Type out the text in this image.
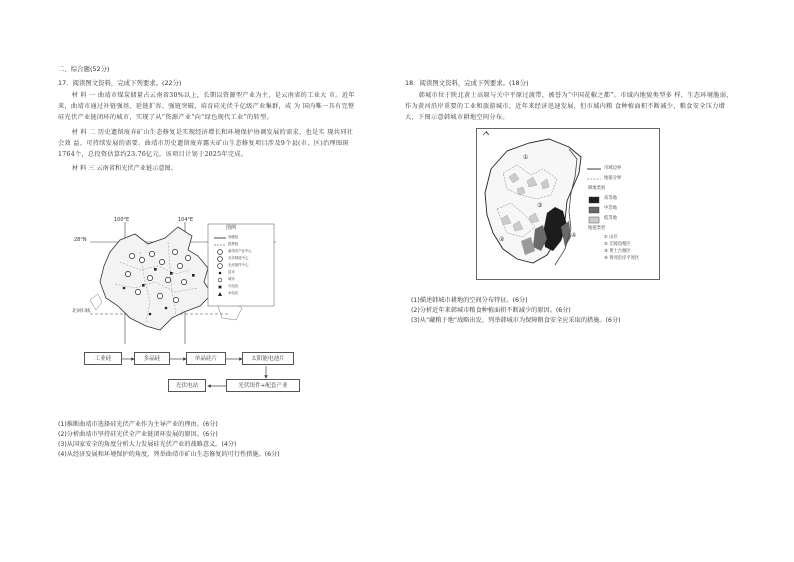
二、综合题(52分)
17．阅读图文资料，完成下列要求。(22分)

材 料 一 曲靖市煤炭储量占云南省30%以上，长期以资源型产业为主，是云南省的工业大 市。近年来，曲靖市通过补链强基、延链扩容、强链突破，培育硅光伏千亿级产业集群，成 为 国内唯一具有完整硅光伏产业链闭环的城市，实现了从“资源产业”向“绿色现代工业”的转型。

材 料 二 历史遗留废弃矿山生态修复是实现经济增长和环境保护协调发展的需求，也是实 现共同社会效 益、可持续发展的需要。曲靖市历史遗留废弃露天矿山生态修复项目涉及9个县(市、区)治理图斑1764个，总投资估算约23.76亿元。该项目计划于2025年完成。

材 料 三 云南省和光伏产业链示意图。
100°E	104°E
28°N
北回归线
图例
省级线
国界线
曲靖市产业中心
光伏制造中心
光伏组件中心
县市
城市
火电站
水电站
工业硅	多晶硅	单晶硅片	太阳能电池片
光伏组件+配套产业
光伏电站
(1)推断曲靖市选择硅光伏产业作为主导产业的理由。(6分)
(2)分析曲靖市坚持硅光伏全产业链闭环发展的原因。(6分)
(3)从国家安全的角度分析大力发展硅光伏产业的战略意义。(4分)
(4)从经济发展和环境保护的角度，列举曲靖市矿山生态修复的可行性措施。(6分)
18．阅读图文资料，完成下列要求。(18分)

韩城市位于陕北黄土高原与关中平原过渡带，被誉为“中国花椒之都”。市域内地貌类型多 样，生态环境脆弱，作为黄河沿岸重要的工业和旅游城市，近年来经济迅速发展，但市域内粮 食种植面积不断减少，粮食安全压力增大，下图示意韩城市耕地空间分布。

①
②
③
④
市域边界
地貌分界
耕地类别
高等地
中等地
低等地
地貌类型
① 山区
② 丘陵沟壑区
③ 黄土台塬区
④ 黄河沿岸平原区
(1)描述韩城市耕地的空间分布特征。(6分)
(2)分析近年来韩城市粮食种植面积不断减少的原因。(6分)
(3)从“藏粮于地”战略出发，列举韩城市为保障粮食安全应采取的措施。(6分)
